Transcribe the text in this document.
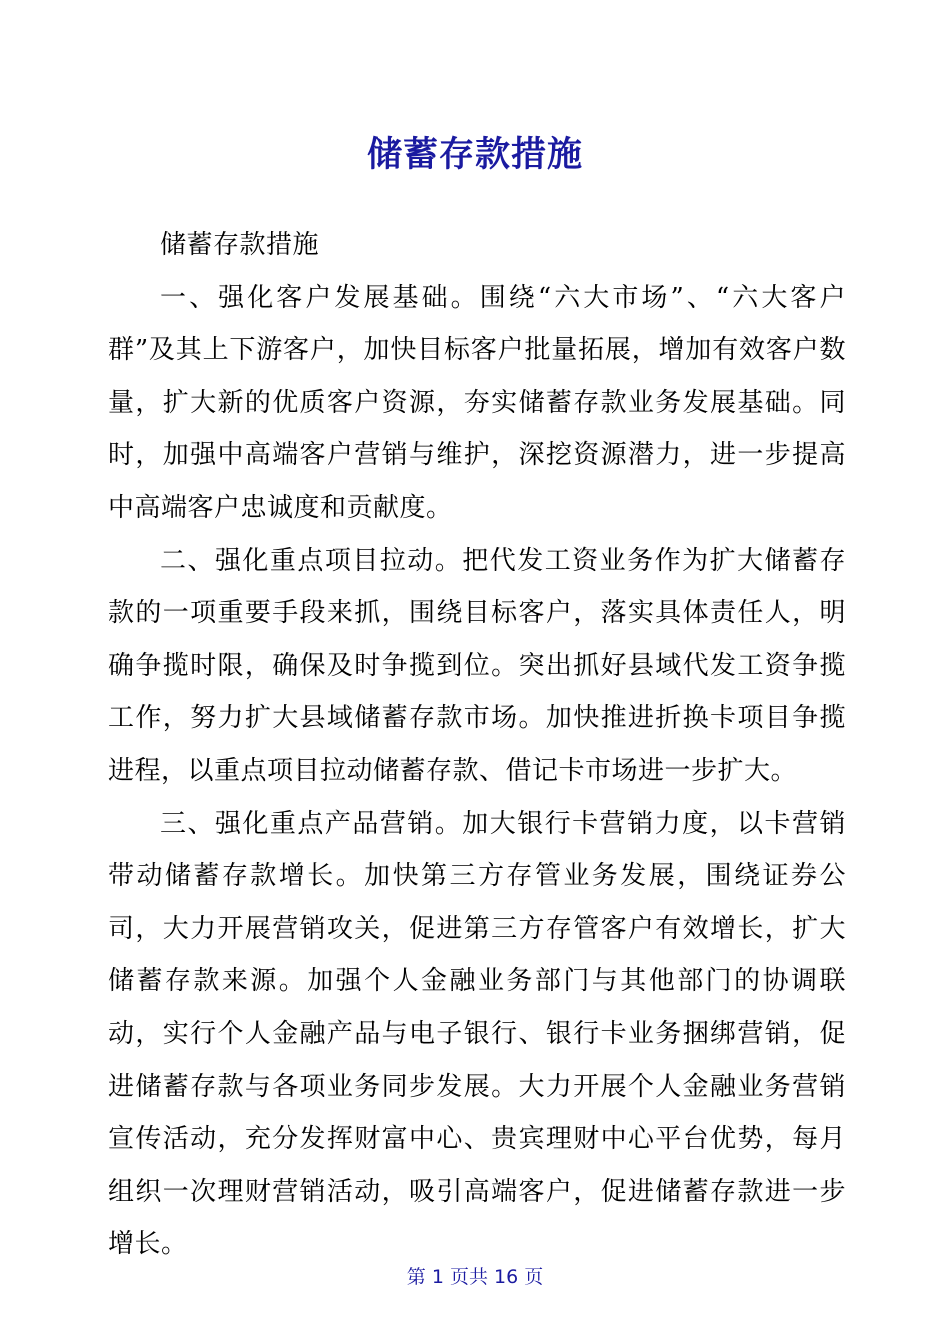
储蓄存款措施

储蓄存款措施

一、强化客户发展基础。围绕“六大市场”、“六大客户群”及其上下游客户，加快目标客户批量拓展，增加有效客户数量，扩大新的优质客户资源，夯实储蓄存款业务发展基础。同时，加强中高端客户营销与维护，深挖资源潜力，进一步提高中高端客户忠诚度和贡献度。

二、强化重点项目拉动。把代发工资业务作为扩大储蓄存款的一项重要手段来抓，围绕目标客户，落实具体责任人，明确争揽时限，确保及时争揽到位。突出抓好县域代发工资争揽工作，努力扩大县域储蓄存款市场。加快推进折换卡项目争揽进程，以重点项目拉动储蓄存款、借记卡市场进一步扩大。

三、强化重点产品营销。加大银行卡营销力度，以卡营销带动储蓄存款增长。加快第三方存管业务发展，围绕证券公司，大力开展营销攻关，促进第三方存管客户有效增长，扩大储蓄存款来源。加强个人金融业务部门与其他部门的协调联动，实行个人金融产品与电子银行、银行卡业务捆绑营销，促进储蓄存款与各项业务同步发展。大力开展个人金融业务营销宣传活动，充分发挥财富中心、贵宾理财中心平台优势，每月组织一次理财营销活动，吸引高端客户，促进储蓄存款进一步增长。

第 1 页共 16 页
